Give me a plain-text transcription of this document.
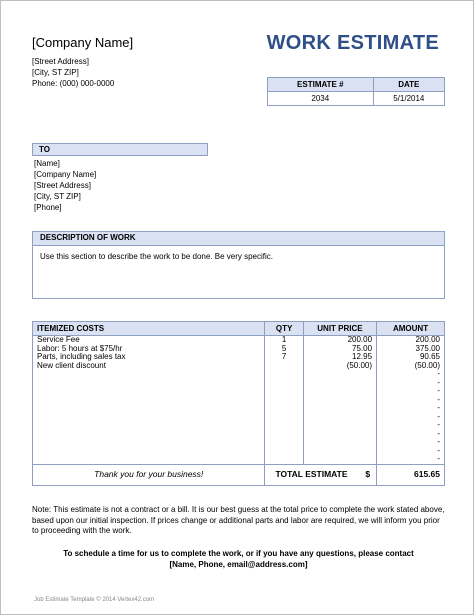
[Company Name]
[Street Address]
[City, ST ZIP]
Phone: (000) 000-0000
WORK ESTIMATE
ESTIMATE #	DATE
2034	5/1/2014
TO
[Name]
[Company Name]
[Street Address]
[City, ST ZIP]
[Phone]
DESCRIPTION OF WORK
Use this section to describe the work to be done. Be very specific.
ITEMIZED COSTS	QTY	UNIT PRICE	AMOUNT
Service Fee	1	200.00	200.00
Labor: 5 hours at $75/hr	5	75.00	375.00
Parts, including sales tax	7	12.95	90.65
New client discount		(50.00)	(50.00)
			-
			-
			-
			-
			-
			-
			-
			-
			-
			-
			-
Thank you for your business!	TOTAL ESTIMATE $		615.65
Note: This estimate is not a contract or a bill. It is our best guess at the total price to complete the work stated above, based upon our initial inspection. If prices change or additional parts and labor are required, we will inform you prior to proceeding with the work.
To schedule a time for us to complete the work, or if you have any questions, please contact
[Name, Phone, email@address.com]
Job Estimate Template © 2014 Vertex42.com
